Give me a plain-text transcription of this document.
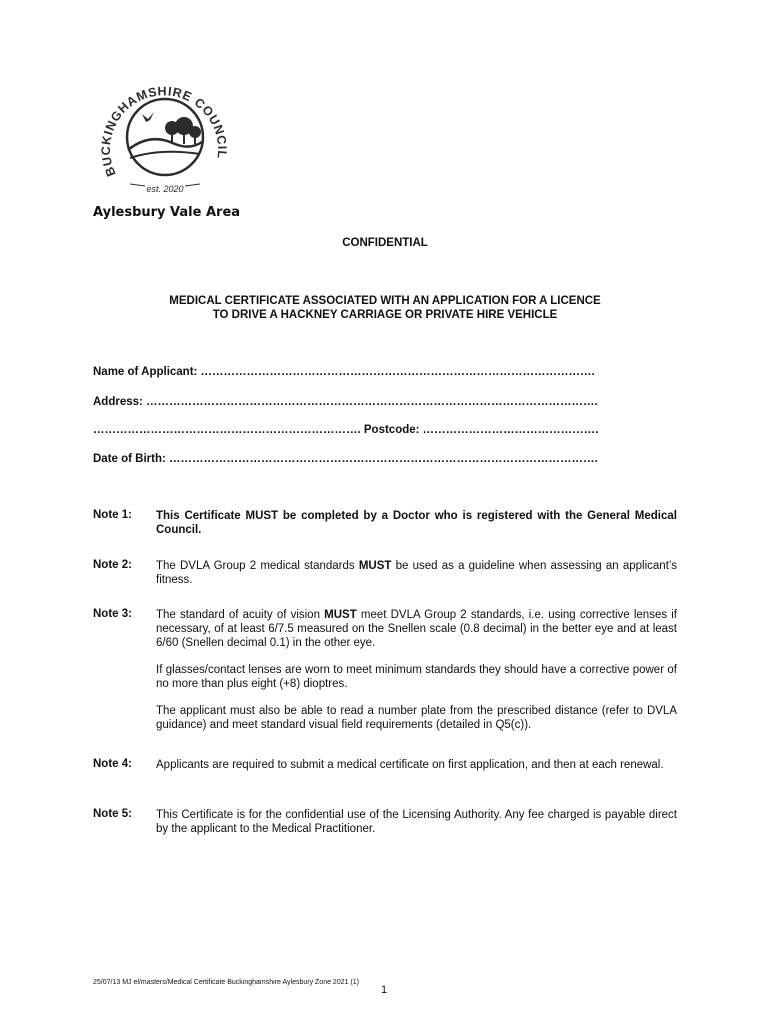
BUCKINGHAMSHIRE COUNCIL
est. 2020
Aylesbury Vale Area
CONFIDENTIAL
MEDICAL CERTIFICATE ASSOCIATED WITH AN APPLICATION FOR A LICENCE
TO DRIVE A HACKNEY CARRIAGE OR PRIVATE HIRE VEHICLE
Name of Applicant: ………………………………………………………………………………………….
Address: ……………………………………………………………………………………………………….
……………………………………………………………. Postcode: ……………………………………….
Date of Birth: ………………………………………………………………………………………………….
Note 1: This Certificate MUST be completed by a Doctor who is registered with the General Medical Council.
Note 2: The DVLA Group 2 medical standards MUST be used as a guideline when assessing an applicant’s fitness.
Note 3: The standard of acuity of vision MUST meet DVLA Group 2 standards, i.e. using corrective lenses if necessary, of at least 6/7.5 measured on the Snellen scale (0.8 decimal) in the better eye and at least 6/60 (Snellen decimal 0.1) in the other eye.

If glasses/contact lenses are worn to meet minimum standards they should have a corrective power of no more than plus eight (+8) dioptres.

The applicant must also be able to read a number plate from the prescribed distance (refer to DVLA guidance) and meet standard visual field requirements (detailed in Q5(c)).

Note 4: Applicants are required to submit a medical certificate on first application, and then at each renewal.
Note 5: This Certificate is for the confidential use of the Licensing Authority. Any fee charged is payable direct by the applicant to the Medical Practitioner.
25/07/13 MJ el/masters/Medical Certificate Buckinghamshire Aylesbury Zone 2021 (1)
1
